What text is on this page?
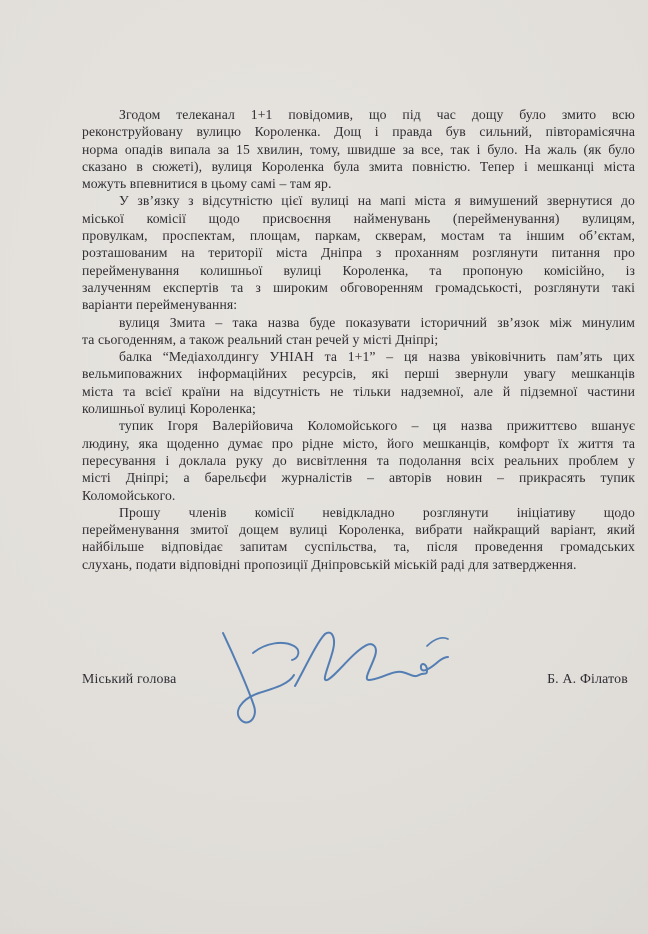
Згодом телеканал 1+1 повідомив, що під час дощу було змито всю
реконструйовану вулицю Короленка. Дощ і правда був сильний, півторамісячна
норма опадів випала за 15 хвилин, тому, швидше за все, так і було. На жаль (як було
сказано в сюжеті), вулиця Короленка була змита повністю. Тепер і мешканці міста
можуть впевнитися в цьому самі – там яр.
У зв’язку з відсутністю цієї вулиці на мапі міста я вимушений звернутися до
міської комісії щодо присвоєння найменувань (перейменування) вулицям,
провулкам, проспектам, площам, паркам, скверам, мостам та іншим об’єктам,
розташованим на території міста Дніпра з проханням розглянути питання про
перейменування колишньої вулиці Короленка, та пропоную комісійно, із
залученням експертів та з широким обговоренням громадськості, розглянути такі
варіанти перейменування:
вулиця Змита – така назва буде показувати історичний зв’язок між минулим
та сьогоденням, а також реальний стан речей у місті Дніпрі;
балка “Медіахолдингу УНІАН та 1+1” – ця назва увіковічнить пам’ять цих
вельмиповажних інформаційних ресурсів, які перші звернули увагу мешканців
міста та всієї країни на відсутність не тільки надземної, але й підземної частини
колишньої вулиці Короленка;
тупик Ігоря Валерійовича Коломойського – ця назва прижиттєво вшанує
людину, яка щоденно думає про рідне місто, його мешканців, комфорт їх життя та
пересування і доклала руку до висвітлення та подолання всіх реальних проблем у
місті Дніпрі; а барельєфи журналістів – авторів новин – прикрасять тупик
Коломойського.
Прошу членів комісії невідкладно розглянути ініціативу щодо
перейменування змитої дощем вулиці Короленка, вибрати найкращий варіант, який
найбільше відповідає запитам суспільства, та, після проведення громадських
слухань, подати відповідні пропозиції Дніпровській міській раді для затвердження.
Міський голова	Б. А. Філатов
